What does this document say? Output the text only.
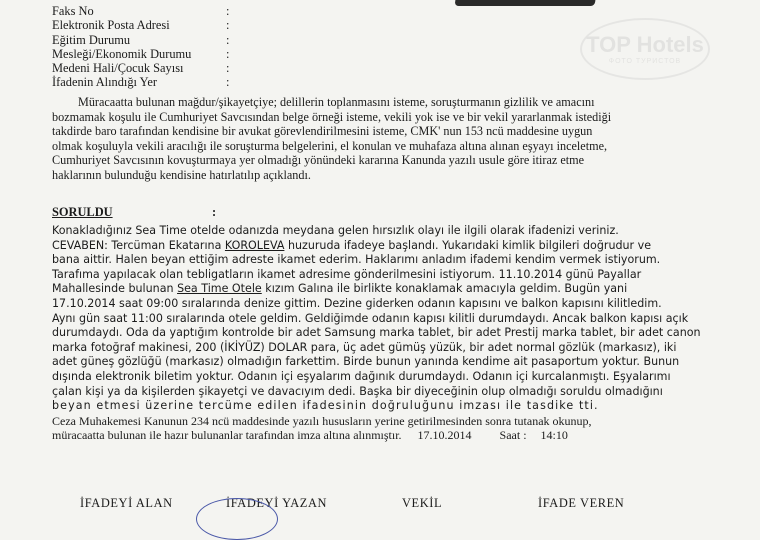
TOP Hotels
ФОТО ТУРИСТОВ
Faks No	:
Elektronik Posta Adresi	:
Eğitim Durumu	:
Mesleği/Ekonomik Durumu	:
Medeni Hali/Çocuk Sayısı	:
İfadenin Alındığı Yer	:
Müracaatta bulunan mağdur/şikayetçiye; delillerin toplanmasını isteme, soruşturmanın gizlilik ve amacını
bozmamak koşulu ile Cumhuriyet Savcısından belge örneği isteme, vekili yok ise ve bir vekil yararlanmak istediği
takdirde baro tarafından kendisine bir avukat görevlendirilmesini isteme, CMK' nun 153 ncü maddesine uygun
olmak koşuluyla vekili aracılığı ile soruşturma belgelerini, el konulan ve muhafaza altına alınan eşyayı inceletme,
Cumhuriyet Savcısının kovuşturmaya yer olmadığı yönündeki kararına Kanunda yazılı usule göre itiraz etme
haklarının bulunduğu kendisine hatırlatılıp açıklandı.
SORULDU	:
Konakladığınız Sea Time otelde odanızda meydana gelen hırsızlık olayı ile ilgili olarak ifadenizi veriniz.
CEVABEN: Tercüman Ekatarına KOROLEVA huzuruda ifadeye başlandı. Yukarıdaki kimlik bilgileri doğrudur ve
bana aittir. Halen beyan ettiğim adreste ikamet ederim. Haklarımı anladım ifademi kendim vermek istiyorum.
Tarafıma yapılacak olan tebligatların ikamet adresime gönderilmesini istiyorum. 11.10.2014 günü Payallar
Mahallesinde bulunan Sea Time Otele kızım Galına ile birlikte konaklamak amacıyla geldim. Bugün yani
17.10.2014 saat 09:00 sıralarında denize gittim. Dezine giderken odanın kapısını ve balkon kapısını kilitledim.
Aynı gün saat 11:00 sıralarında otele geldim. Geldiğimde odanın kapısı kilitli durumdaydı. Ancak balkon kapısı açık
durumdaydı. Oda da yaptığım kontrolde bir adet Samsung marka tablet, bir adet Prestij marka tablet, bir adet canon
marka fotoğraf makinesi, 200 (İKİYÜZ) DOLAR para, üç adet gümüş yüzük, bir adet normal gözlük (markasız), iki
adet güneş gözlüğü (markasız) olmadığın farkettim. Birde bunun yanında kendime ait pasaportum yoktur. Bunun
dışında elektronik biletim yoktur. Odanın içi eşyalarım dağınık durumdaydı. Odanın içi kurcalanmıştı. Eşyalarımı
çalan kişi ya da kişilerden şikayetçi ve davacıyım dedi. Başka bir diyeceğinin olup olmadığı soruldu olmadığını
beyan etmesi üzerine tercüme edilen ifadesinin doğruluğunu imzası ile tasdike tti.
Ceza Muhakemesi Kanunun 234 ncü maddesinde yazılı hususların yerine getirilmesinden sonra tutanak okunup,
müracaatta bulunan ile hazır bulunanlar tarafından imza altına alınmıştır. 17.10.2014 Saat : 14:10
İFADEYİ ALAN	İFADEYİ YAZAN	VEKİL	İFADE VEREN
